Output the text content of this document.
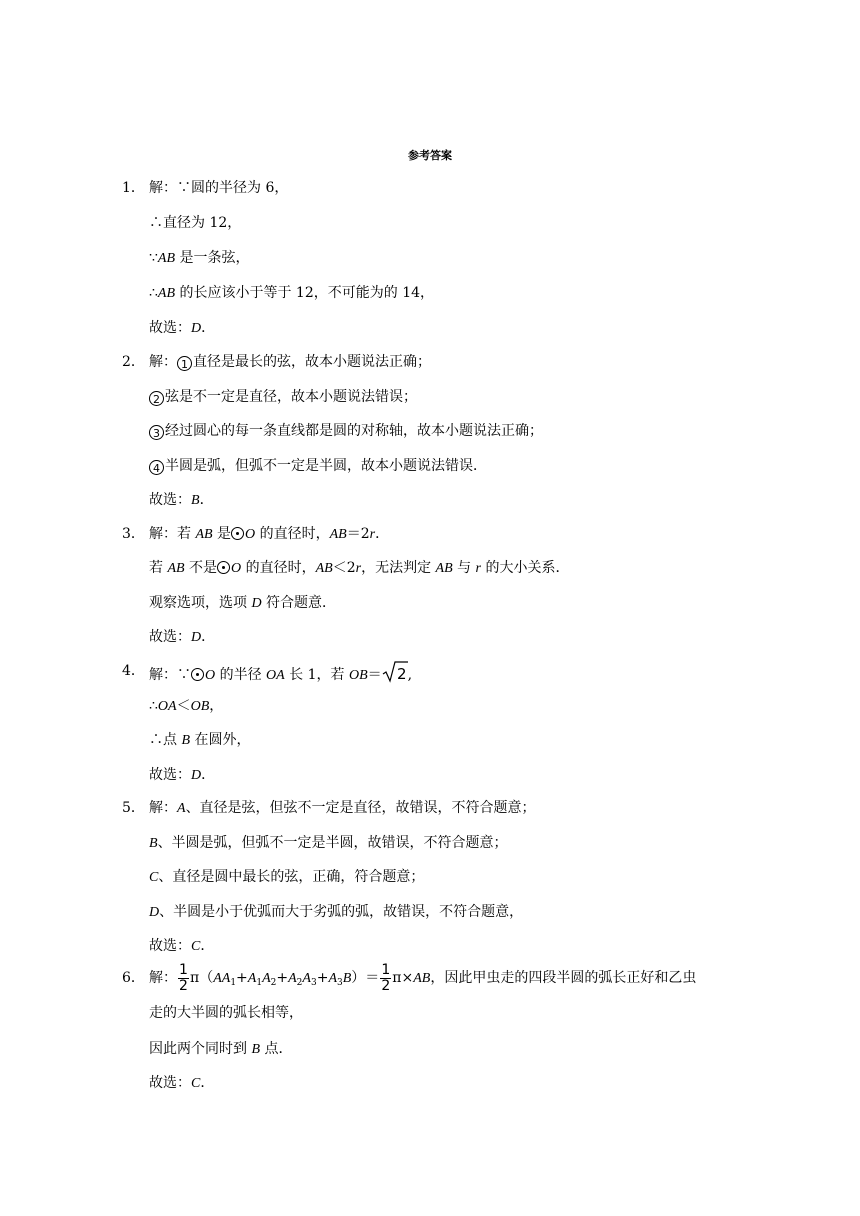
参考答案
1． 解：∵圆的半径为 6，
∴直径为 12，
∵AB 是一条弦，
∴AB 的长应该小于等于 12，不可能为的 14，
故选：D．
2． 解： 1 直径是最长的弦，故本小题说法正确；
2 弦是不一定是直径，故本小题说法错误；
3 经过圆心的每一条直线都是圆的对称轴，故本小题说法正确；
4 半圆是弧，但弧不一定是半圆，故本小题说法错误．
故选：B．
3． 解：若 AB 是 O 的直径时，AB＝2r．
若 AB 不是 O 的直径时，AB＜2r，无法判定 AB 与 r 的大小关系．
观察选项，选项 D 符合题意．
故选：D．
4． 解：∵ O 的半径 OA 长 1，若 OB＝ 2 ,
∴OA＜OB，
∴点 B 在圆外，
故选：D．
5． 解：A、直径是弦，但弦不一定是直径，故错误，不符合题意；
B、半圆是弧，但弧不一定是半圆，故错误，不符合题意；
C、直径是圆中最长的弦，正确，符合题意；
D、半圆是小于优弧而大于劣弧的弧，故错误，不符合题意，
故选：C．
6． 解： $\frac{1}{2} \pi(AA_1+A_1A_2+A_2A_3+A_3B)= \frac{1}{2} \pi\times AB$，因此甲虫走的四段半圆的弧长正好和乙虫
走的大半圆的弧长相等，
因此两个同时到 B 点．
故选：C．
